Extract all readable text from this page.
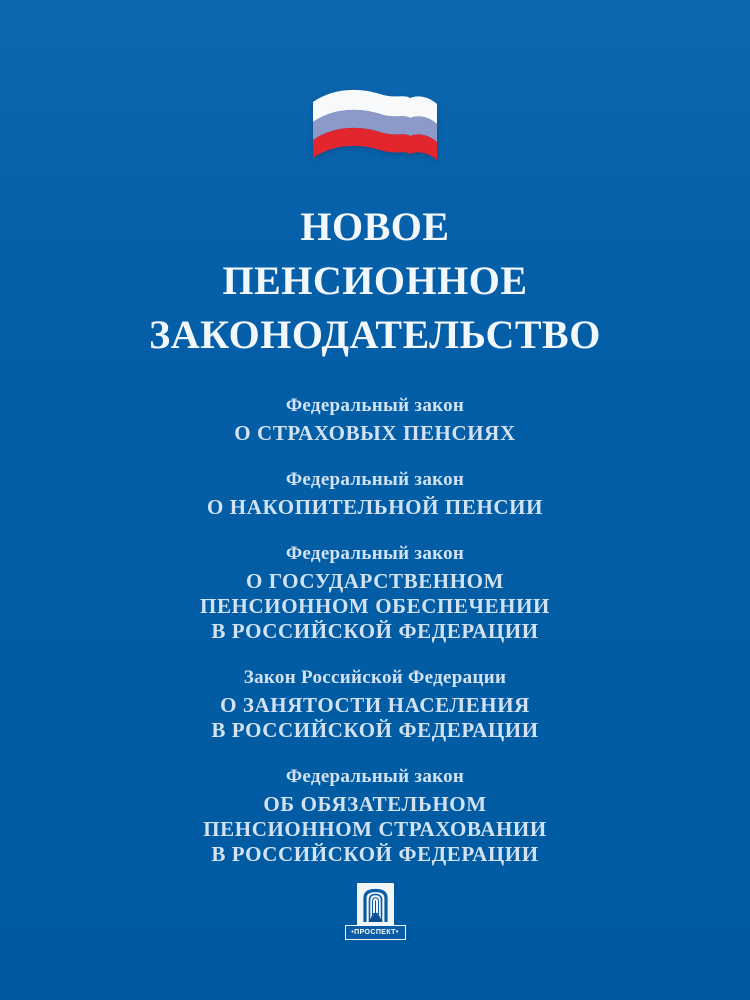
НОВОЕ
ПЕНСИОННОЕ
ЗАКОНОДАТЕЛЬСТВО
Федеральный закон
О СТРАХОВЫХ ПЕНСИЯХ
Федеральный закон
О НАКОПИТЕЛЬНОЙ ПЕНСИИ
Федеральный закон
О ГОСУДАРСТВЕННОМ
ПЕНСИОННОМ ОБЕСПЕЧЕНИИ
В РОССИЙСКОЙ ФЕДЕРАЦИИ
Закон Российской Федерации
О ЗАНЯТОСТИ НАСЕЛЕНИЯ
В РОССИЙСКОЙ ФЕДЕРАЦИИ
Федеральный закон
ОБ ОБЯЗАТЕЛЬНОМ
ПЕНСИОННОМ СТРАХОВАНИИ
В РОССИЙСКОЙ ФЕДЕРАЦИИ
•ПРОСПЕКТ•
